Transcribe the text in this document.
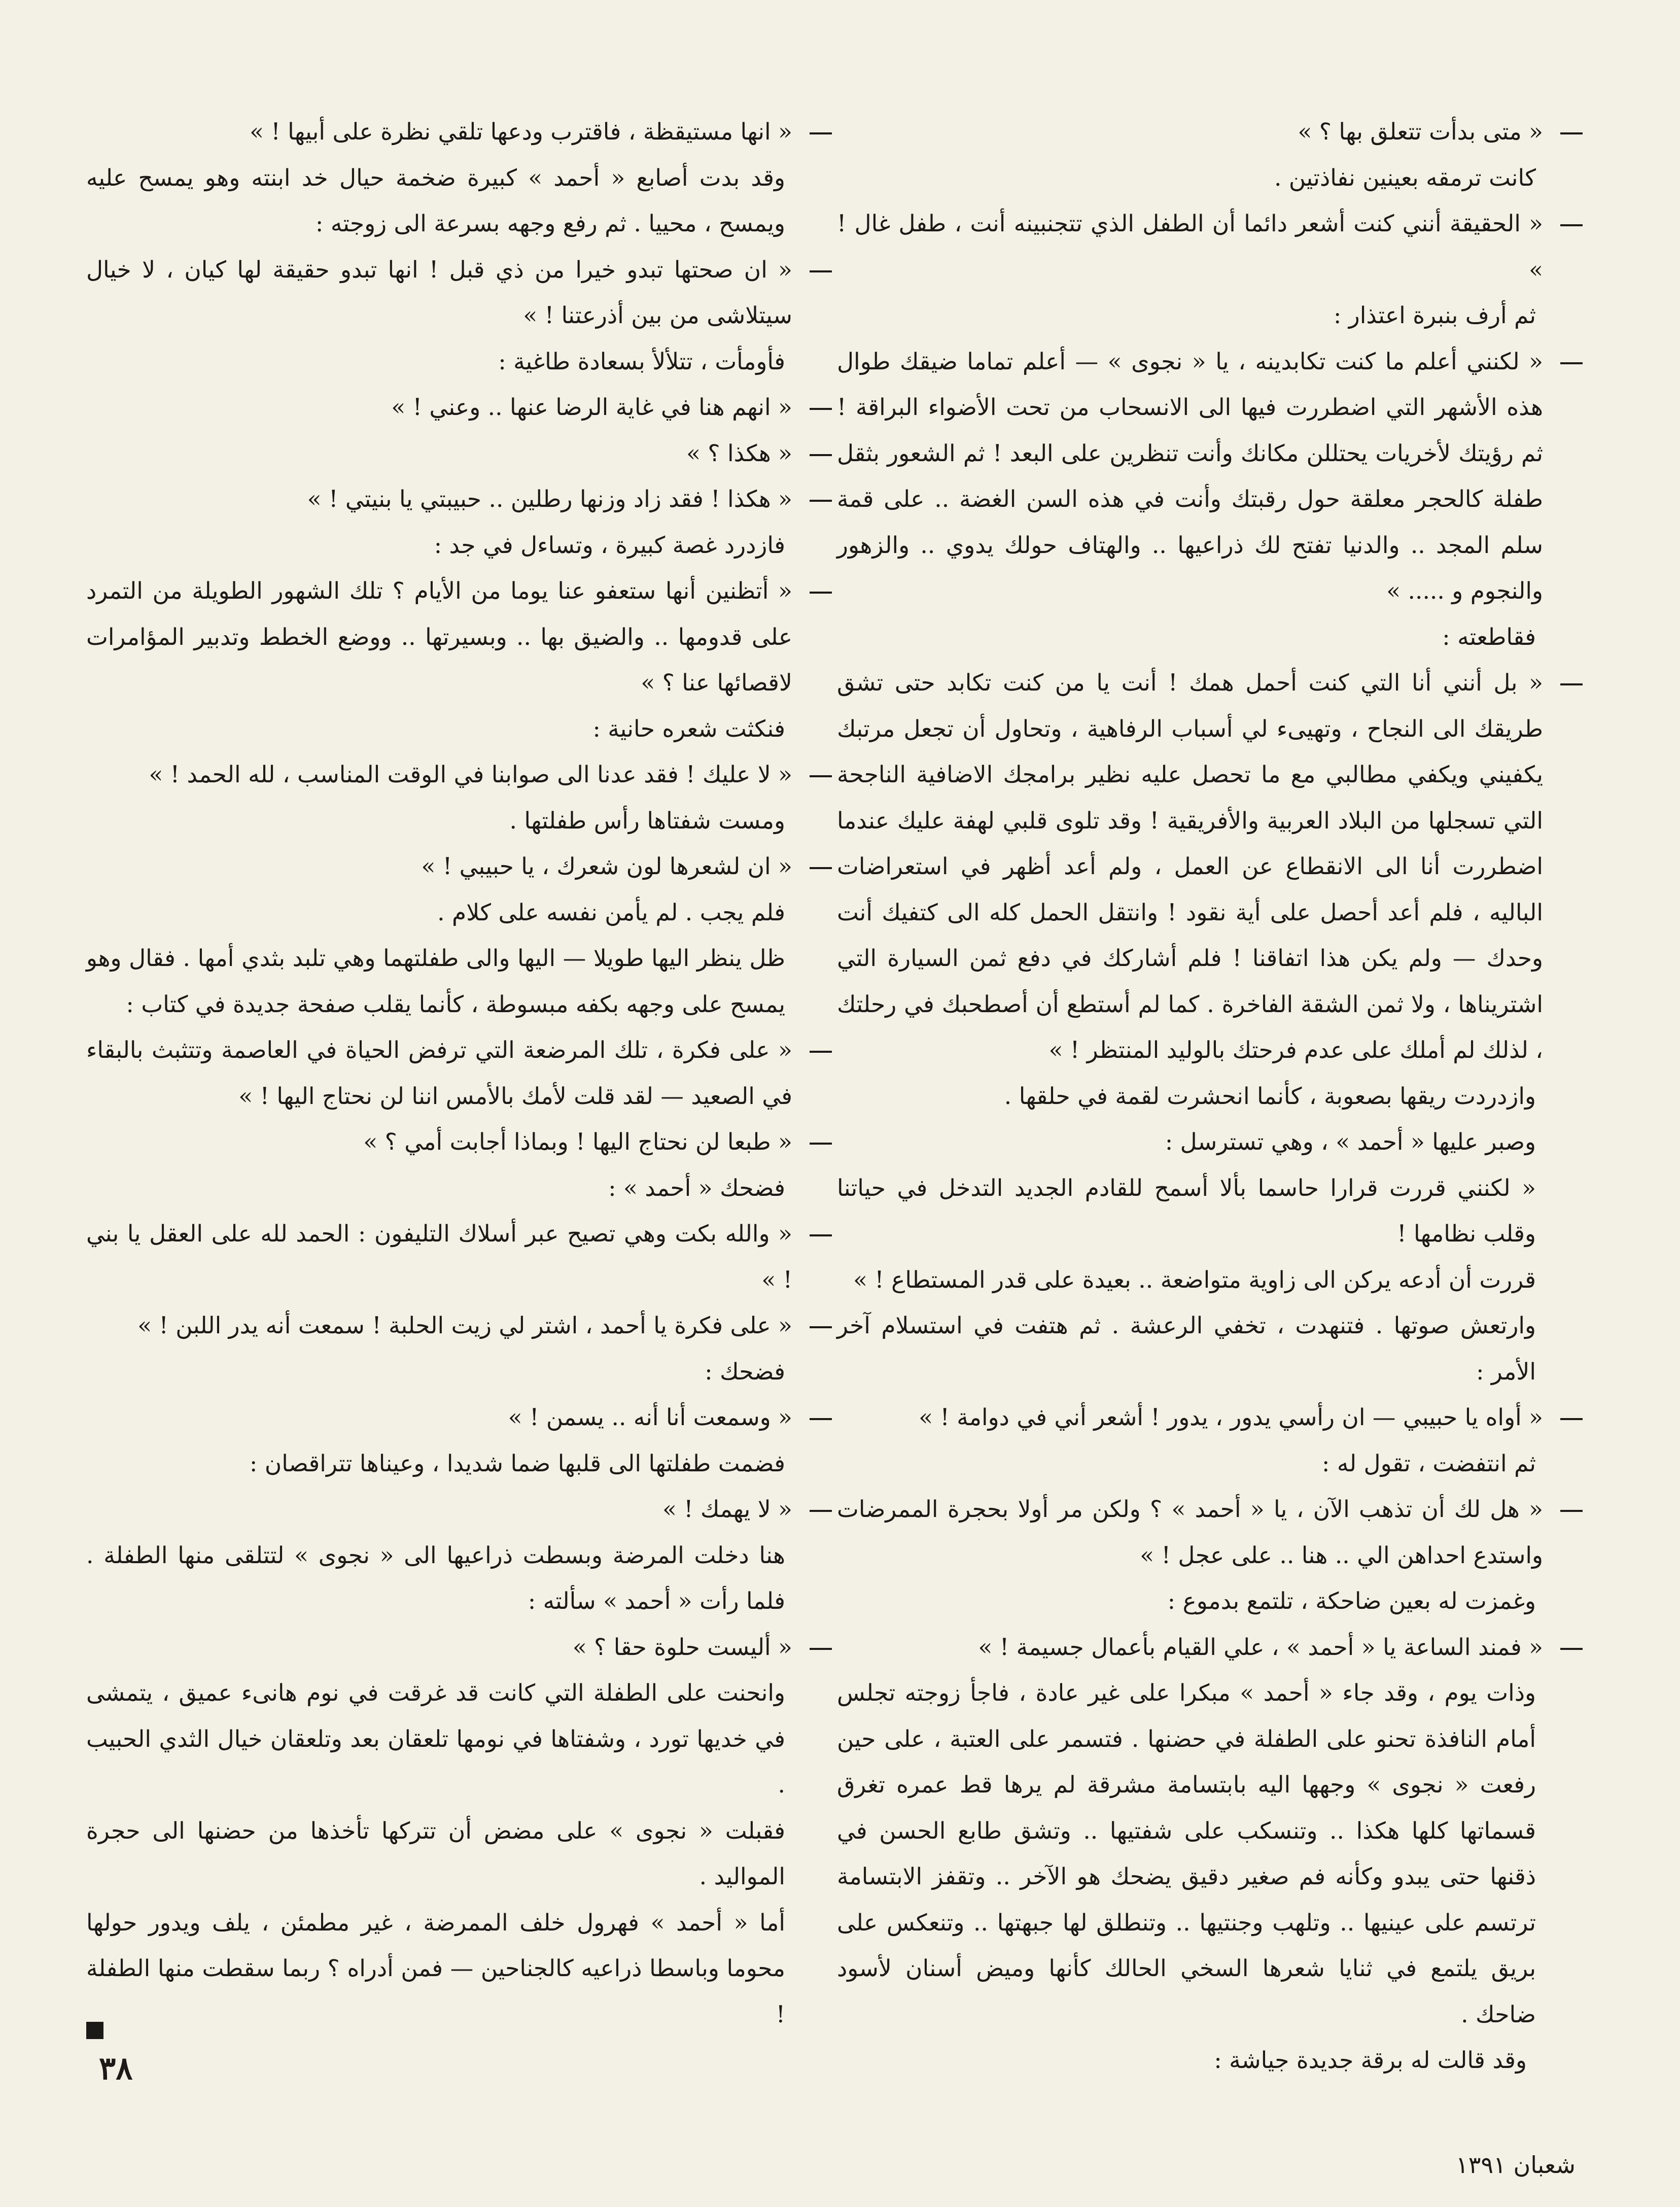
« متى بدأت تتعلق بها ؟ »

كانت ترمقه بعينين نفاذتين .

« الحقيقة أنني كنت أشعر دائما أن الطفل الذي تتجنبينه أنت ، طفل غال ! »

ثم أرف بنبرة اعتذار :

« لكنني أعلم ما كنت تكابدينه ، يا « نجوى » — أعلم تماما ضيقك طوال هذه الأشهر التي اضطررت فيها الى الانسحاب من تحت الأضواء البراقة ! ثم رؤيتك لأخريات يحتللن مكانك وأنت تنظرين على البعد ! ثم الشعور بثقل طفلة كالحجر معلقة حول رقبتك وأنت في هذه السن الغضة .. على قمة سلم المجد .. والدنيا تفتح لك ذراعيها .. والهتاف حولك يدوي .. والزهور والنجوم و ..... »

فقاطعته :

« بل أنني أنا التي كنت أحمل همك ! أنت يا من كنت تكابد حتى تشق طريقك الى النجاح ، وتهيىء لي أسباب الرفاهية ، وتحاول أن تجعل مرتبك يكفيني ويكفي مطالبي مع ما تحصل عليه نظير برامجك الاضافية الناجحة التي تسجلها من البلاد العربية والأفريقية ! وقد تلوى قلبي لهفة عليك عندما اضطررت أنا الى الانقطاع عن العمل ، ولم أعد أظهر في استعراضات الباليه ، فلم أعد أحصل على أية نقود ! وانتقل الحمل كله الى كتفيك أنت وحدك — ولم يكن هذا اتفاقنا ! فلم أشاركك في دفع ثمن السيارة التي اشتريناها ، ولا ثمن الشقة الفاخرة . كما لم أستطع أن أصطحبك في رحلتك ، لذلك لم أملك على عدم فرحتك بالوليد المنتظر ! »

وازدردت ريقها بصعوبة ، كأنما انحشرت لقمة في حلقها .

وصبر عليها « أحمد » ، وهي تسترسل :

« لكنني قررت قرارا حاسما بألا أسمح للقادم الجديد التدخل في حياتنا وقلب نظامها !

قررت أن أدعه يركن الى زاوية متواضعة .. بعيدة على قدر المستطاع ! »

وارتعش صوتها . فتنهدت ، تخفي الرعشة . ثم هتفت في استسلام آخر الأمر :

« أواه يا حبيبي — ان رأسي يدور ، يدور ! أشعر أني في دوامة ! »

ثم انتفضت ، تقول له :

« هل لك أن تذهب الآن ، يا « أحمد » ؟ ولكن مر أولا بحجرة الممرضات واستدع احداهن الي .. هنا .. على عجل ! »

وغمزت له بعين ضاحكة ، تلتمع بدموع :

« فمند الساعة يا « أحمد » ، علي القيام بأعمال جسيمة ! »

وذات يوم ، وقد جاء « أحمد » مبكرا على غير عادة ، فاجأ زوجته تجلس أمام النافذة تحنو على الطفلة في حضنها . فتسمر على العتبة ، على حين رفعت « نجوى » وجهها اليه بابتسامة مشرقة لم يرها قط عمره تغرق قسماتها كلها هكذا .. وتنسكب على شفتيها .. وتشق طابع الحسن في ذقنها حتى يبدو وكأنه فم صغير دقيق يضحك هو الآخر .. وتقفز الابتسامة ترتسم على عينيها .. وتلهب وجنتيها .. وتنطلق لها جبهتها .. وتنعكس على بريق يلتمع في ثنايا شعرها السخي الحالك كأنها وميض أسنان لأسود ضاحك .

وقد قالت له برقة جديدة جياشة :

« انها مستيقظة ، فاقترب ودعها تلقي نظرة على أبيها ! »

وقد بدت أصابع « أحمد » كبيرة ضخمة حيال خد ابنته وهو يمسح عليه ويمسح ، محييا . ثم رفع وجهه بسرعة الى زوجته :

« ان صحتها تبدو خيرا من ذي قبل ! انها تبدو حقيقة لها كيان ، لا خيال سيتلاشى من بين أذرعتنا ! »

فأومأت ، تتلألأ بسعادة طاغية :

« انهم هنا في غاية الرضا عنها .. وعني ! »

« هكذا ؟ »

« هكذا ! فقد زاد وزنها رطلين .. حبيبتي يا بنيتي ! »

فازدرد غصة كبيرة ، وتساءل في جد :

« أتظنين أنها ستعفو عنا يوما من الأيام ؟ تلك الشهور الطويلة من التمرد على قدومها .. والضيق بها .. وبسيرتها .. ووضع الخطط وتدبير المؤامرات لاقصائها عنا ؟ »

فنكثت شعره حانية :

« لا عليك ! فقد عدنا الى صوابنا في الوقت المناسب ، لله الحمد ! »

ومست شفتاها رأس طفلتها .

« ان لشعرها لون شعرك ، يا حبيبي ! »

فلم يجب . لم يأمن نفسه على كلام .

ظل ينظر اليها طويلا — اليها والى طفلتهما وهي تلبد بثدي أمها . فقال وهو يمسح على وجهه بكفه مبسوطة ، كأنما يقلب صفحة جديدة في كتاب :

« على فكرة ، تلك المرضعة التي ترفض الحياة في العاصمة وتتثبث بالبقاء في الصعيد — لقد قلت لأمك بالأمس اننا لن نحتاج اليها ! »

« طبعا لن نحتاج اليها ! وبماذا أجابت أمي ؟ »

فضحك « أحمد » :

« والله بكت وهي تصيح عبر أسلاك التليفون : الحمد لله على العقل يا بني ! »

« على فكرة يا أحمد ، اشتر لي زيت الحلبة ! سمعت أنه يدر اللبن ! »

فضحك :

« وسمعت أنا أنه .. يسمن ! »

فضمت طفلتها الى قلبها ضما شديدا ، وعيناها تتراقصان :

« لا يهمك ! »

هنا دخلت المرضة وبسطت ذراعيها الى « نجوى » لتتلقى منها الطفلة . فلما رأت « أحمد » سألته :

« أليست حلوة حقا ؟ »

وانحنت على الطفلة التي كانت قد غرقت في نوم هانىء عميق ، يتمشى في خديها تورد ، وشفتاها في نومها تلعقان بعد وتلعقان خيال الثدي الحبيب .

فقبلت « نجوى » على مضض أن تتركها تأخذها من حضنها الى حجرة المواليد .

أما « أحمد » فهرول خلف الممرضة ، غير مطمئن ، يلف ويدور حولها محوما وباسطا ذراعيه كالجناحين — فمن أدراه ؟ ربما سقطت منها الطفلة !

٣٨
شعبان ١٣٩١
